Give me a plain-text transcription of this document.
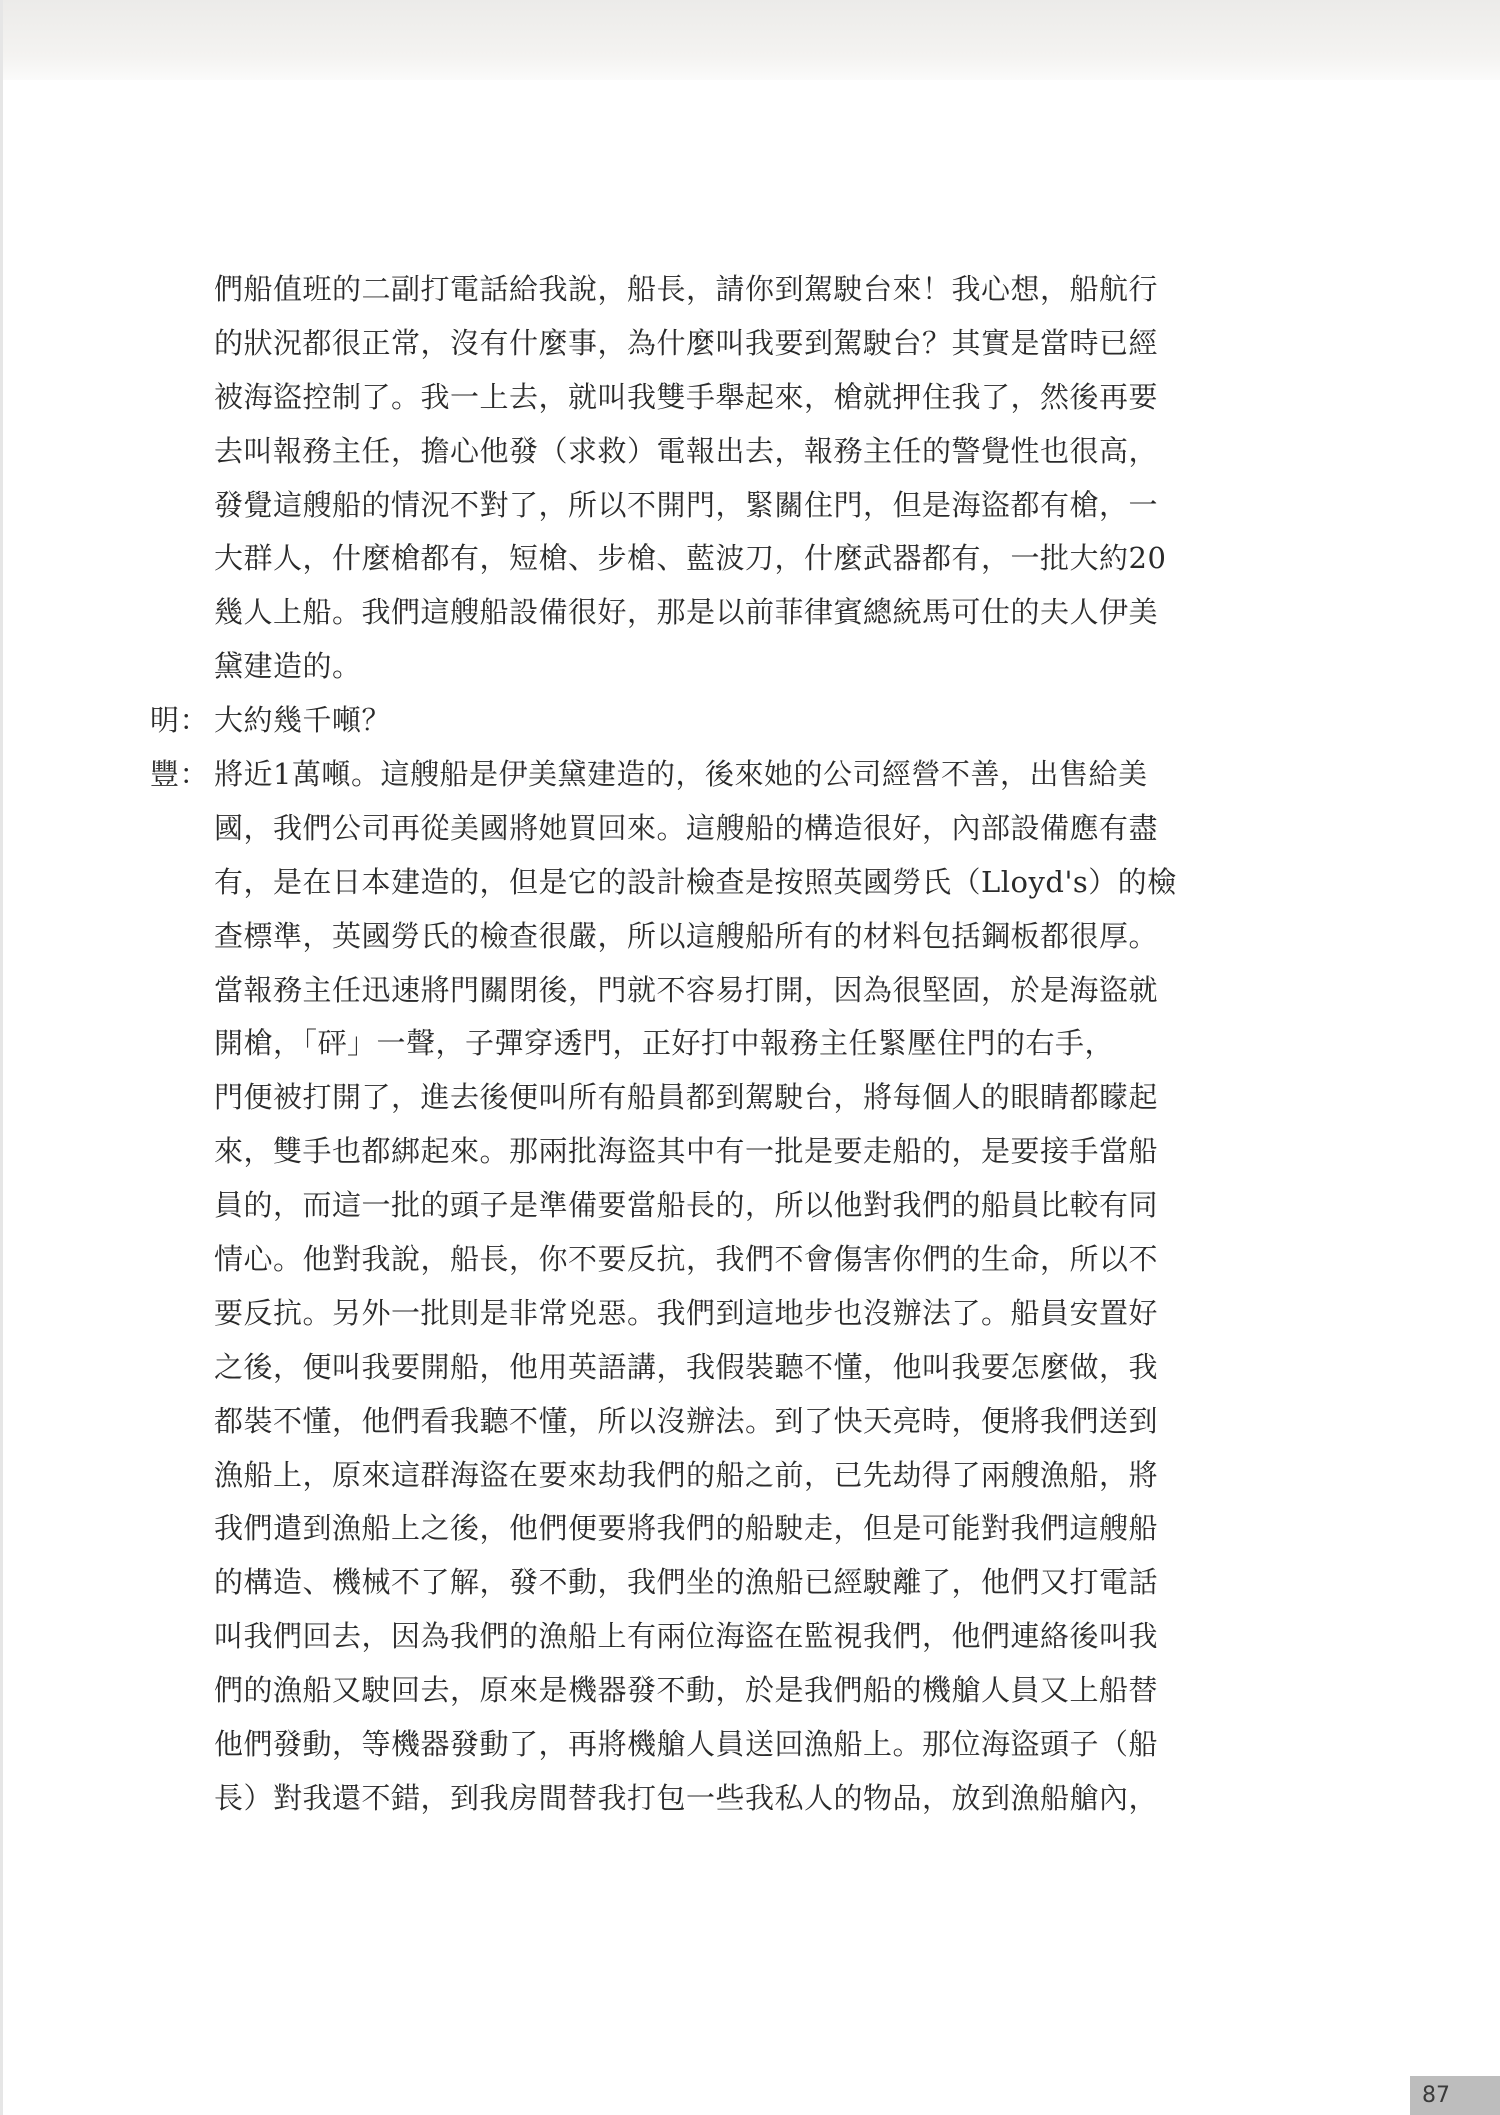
們船值班的二副打電話給我說，船長，請你到駕駛台來！我心想，船航行
的狀況都很正常，沒有什麼事，為什麼叫我要到駕駛台？其實是當時已經
被海盜控制了。我一上去，就叫我雙手舉起來，槍就押住我了，然後再要
去叫報務主任，擔心他發（求救）電報出去，報務主任的警覺性也很高，
發覺這艘船的情況不對了，所以不開門，緊關住門，但是海盜都有槍，一
大群人，什麼槍都有，短槍、步槍、藍波刀，什麼武器都有，一批大約20
幾人上船。我們這艘船設備很好，那是以前菲律賓總統馬可仕的夫人伊美
黛建造的。
明： 大約幾千噸？
豐： 將近1萬噸。這艘船是伊美黛建造的，後來她的公司經營不善，出售給美
國，我們公司再從美國將她買回來。這艘船的構造很好，內部設備應有盡
有，是在日本建造的，但是它的設計檢查是按照英國勞氏（Lloyd's）的檢
查標準，英國勞氏的檢查很嚴，所以這艘船所有的材料包括鋼板都很厚。
當報務主任迅速將門關閉後，門就不容易打開，因為很堅固，於是海盜就
開槍，「砰」一聲，子彈穿透門，正好打中報務主任緊壓住門的右手，
門便被打開了，進去後便叫所有船員都到駕駛台，將每個人的眼睛都矇起
來，雙手也都綁起來。那兩批海盜其中有一批是要走船的，是要接手當船
員的，而這一批的頭子是準備要當船長的，所以他對我們的船員比較有同
情心。他對我說，船長，你不要反抗，我們不會傷害你們的生命，所以不
要反抗。另外一批則是非常兇惡。我們到這地步也沒辦法了。船員安置好
之後，便叫我要開船，他用英語講，我假裝聽不懂，他叫我要怎麼做，我
都裝不懂，他們看我聽不懂，所以沒辦法。到了快天亮時，便將我們送到
漁船上，原來這群海盜在要來劫我們的船之前，已先劫得了兩艘漁船，將
我們遣到漁船上之後，他們便要將我們的船駛走，但是可能對我們這艘船
的構造、機械不了解，發不動，我們坐的漁船已經駛離了，他們又打電話
叫我們回去，因為我們的漁船上有兩位海盜在監視我們，他們連絡後叫我
們的漁船又駛回去，原來是機器發不動，於是我們船的機艙人員又上船替
他們發動，等機器發動了，再將機艙人員送回漁船上。那位海盜頭子（船
長）對我還不錯，到我房間替我打包一些我私人的物品，放到漁船艙內，
87
